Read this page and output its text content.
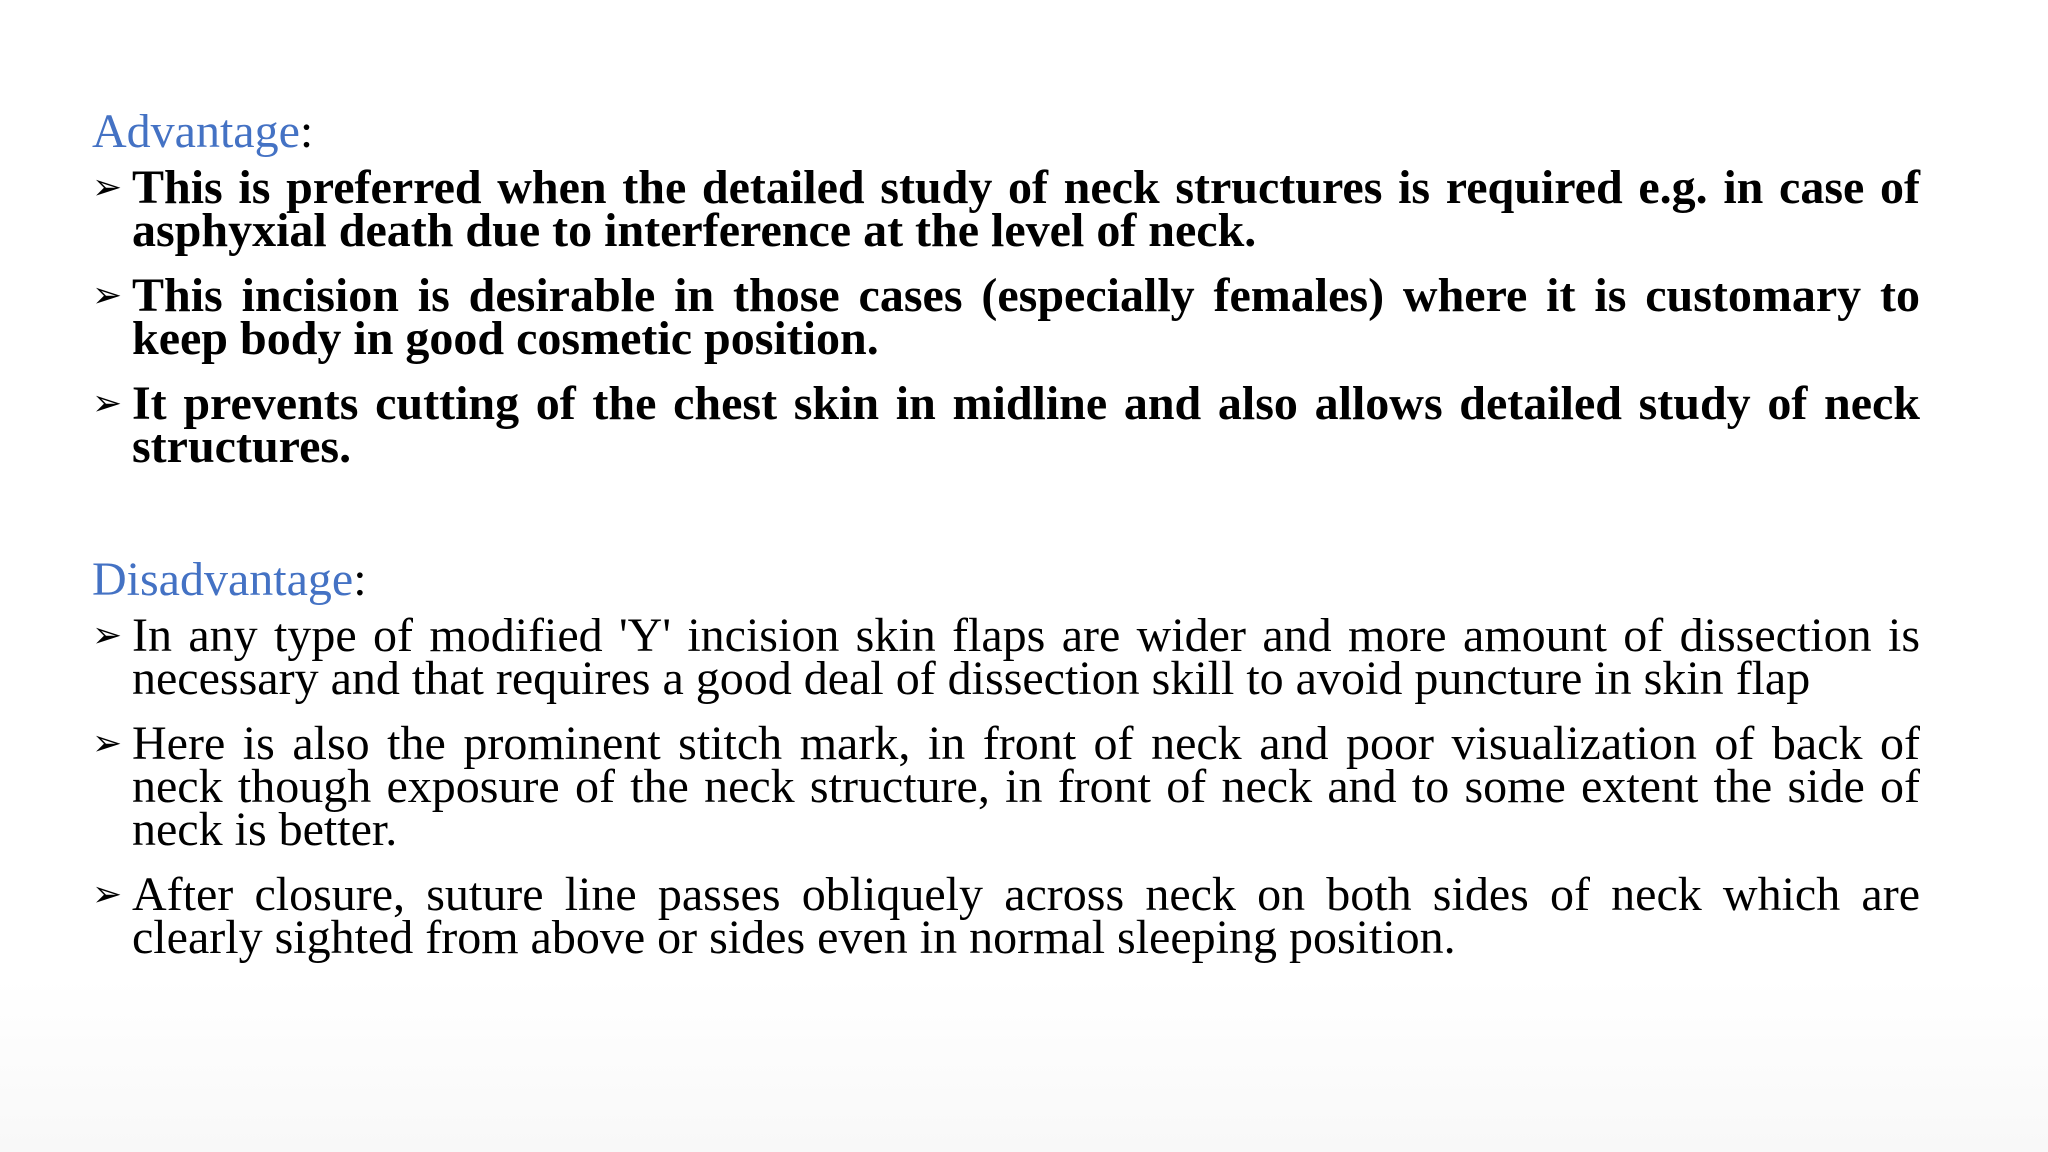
Advantage:
➢ This is preferred when the detailed study of neck structures is required e.g. in case of asphyxial death due to interference at the level of neck.
➢ This incision is desirable in those cases (especially females) where it is customary to keep body in good cosmetic position.
➢ It prevents cutting of the chest skin in midline and also allows detailed study of neck structures.
Disadvantage:
➢ In any type of modified 'Y' incision skin flaps are wider and more amount of dissection is necessary and that requires a good deal of dissection skill to avoid puncture in skin flap
➢ Here is also the prominent stitch mark, in front of neck and poor visualization of back of neck though exposure of the neck structure, in front of neck and to some extent the side of neck is better.
➢ After closure, suture line passes obliquely across neck on both sides of neck which are clearly sighted from above or sides even in normal sleeping position.
